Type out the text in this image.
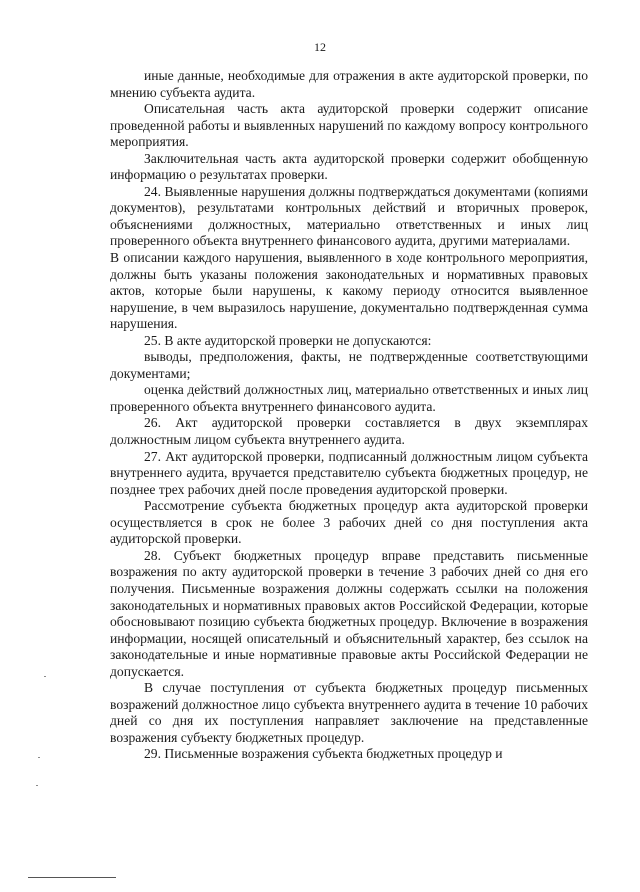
12

иные данные, необходимые для отражения в акте аудиторской проверки, по мнению субъекта аудита.

Описательная часть акта аудиторской проверки содержит описание проведенной работы и выявленных нарушений по каждому вопросу контрольного мероприятия.

Заключительная часть акта аудиторской проверки содержит обобщенную информацию о результатах проверки.

24. Выявленные нарушения должны подтверждаться документами (копиями документов), результатами контрольных действий и вторичных проверок, объяснениями должностных, материально ответственных и иных лиц проверенного объекта внутреннего финансового аудита, другими материалами.

В описании каждого нарушения, выявленного в ходе контрольного мероприятия, должны быть указаны положения законодательных и нормативных правовых актов, которые были нарушены, к какому периоду относится выявленное нарушение, в чем выразилось нарушение, документально подтвержденная сумма нарушения.

25. В акте аудиторской проверки не допускаются:

выводы, предположения, факты, не подтвержденные соответствующими документами;

оценка действий должностных лиц, материально ответственных и иных лиц проверенного объекта внутреннего финансового аудита.

26. Акт аудиторской проверки составляется в двух экземплярах должностным лицом субъекта внутреннего аудита.

27. Акт аудиторской проверки, подписанный должностным лицом субъекта внутреннего аудита, вручается представителю субъекта бюджетных процедур, не позднее трех рабочих дней после проведения аудиторской проверки.

Рассмотрение субъекта бюджетных процедур акта аудиторской проверки осуществляется в срок не более 3 рабочих дней со дня поступления акта аудиторской проверки.

28. Субъект бюджетных процедур вправе представить письменные возражения по акту аудиторской проверки в течение 3 рабочих дней со дня его получения. Письменные возражения должны содержать ссылки на положения законодательных и нормативных правовых актов Российской Федерации, которые обосновывают позицию субъекта бюджетных процедур. Включение в возражения информации, носящей описательный и объяснительный характер, без ссылок на законодательные и иные нормативные правовые акты Российской Федерации не допускается.

В случае поступления от субъекта бюджетных процедур письменных возражений должностное лицо субъекта внутреннего аудита в течение 10 рабочих дней со дня их поступления направляет заключение на представленные возражения субъекту бюджетных процедур.

29. Письменные возражения субъекта бюджетных процедур и
